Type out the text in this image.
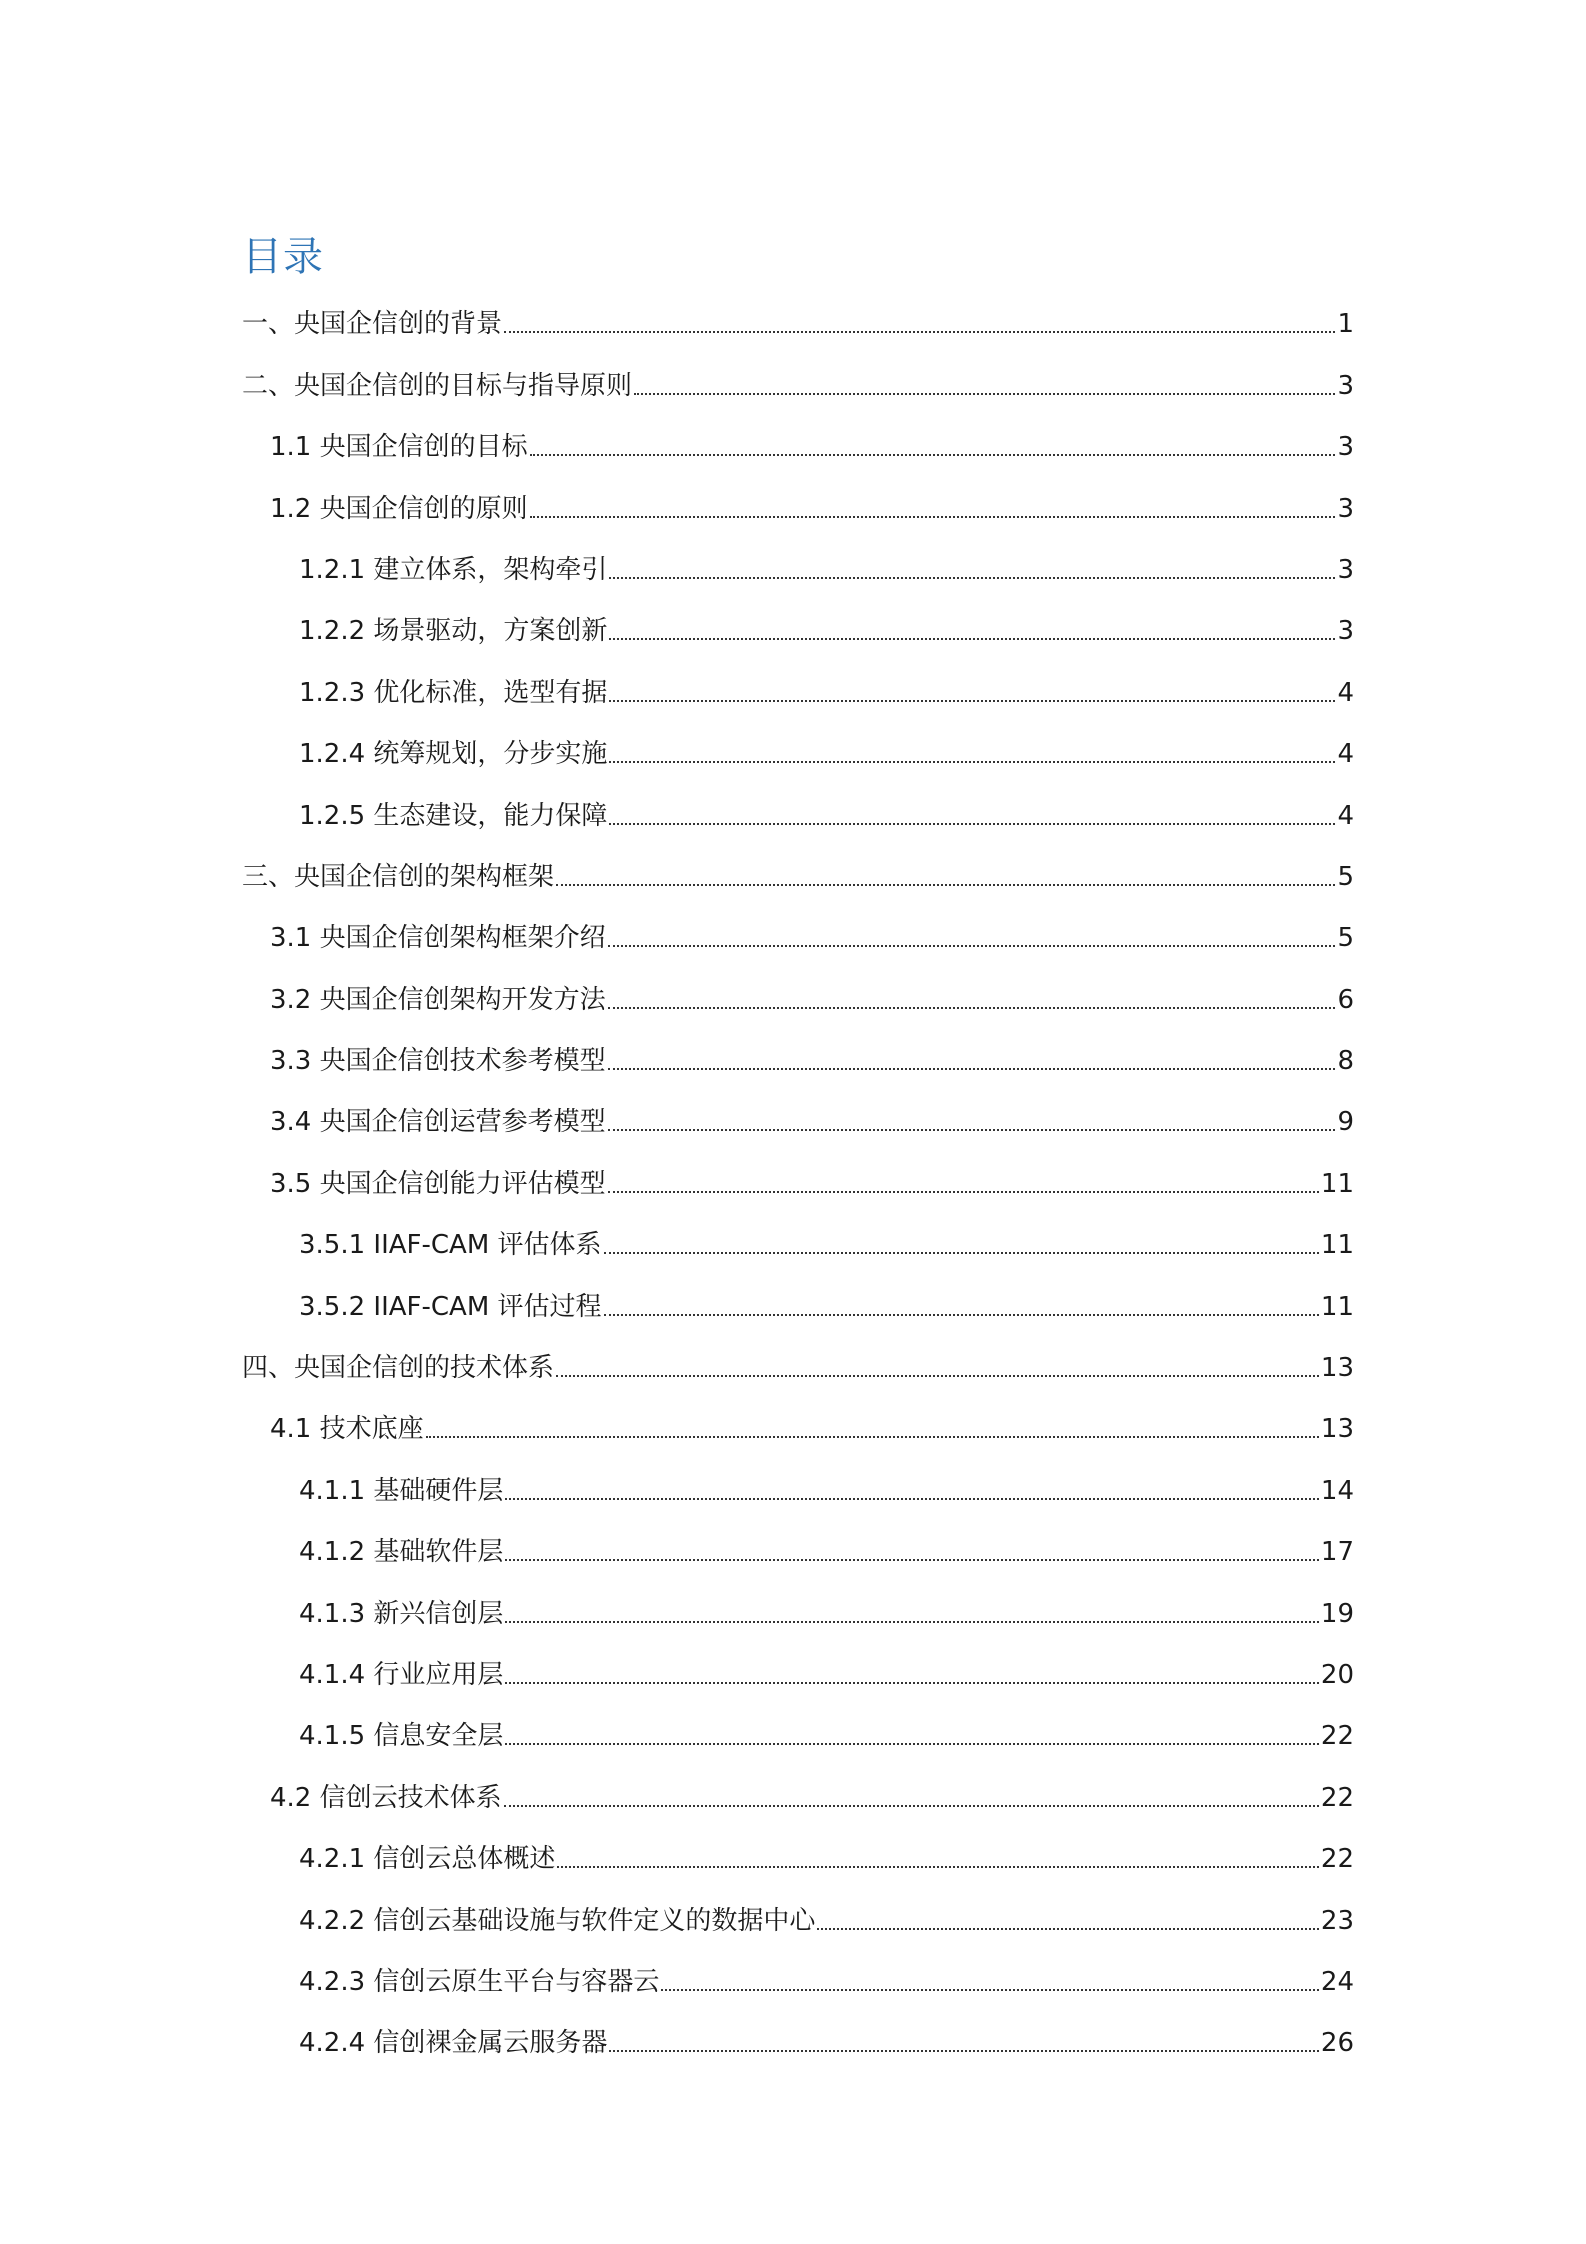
目录
一、央国企信创的背景	1
二、央国企信创的目标与指导原则	3
1.1 央国企信创的目标	3
1.2 央国企信创的原则	3
1.2.1 建立体系，架构牵引	3
1.2.2 场景驱动，方案创新	3
1.2.3 优化标准，选型有据	4
1.2.4 统筹规划，分步实施	4
1.2.5 生态建设，能力保障	4
三、央国企信创的架构框架	5
3.1 央国企信创架构框架介绍	5
3.2 央国企信创架构开发方法	6
3.3 央国企信创技术参考模型	8
3.4 央国企信创运营参考模型	9
3.5 央国企信创能力评估模型	11
3.5.1 IIAF-CAM 评估体系	11
3.5.2 IIAF-CAM 评估过程	11
四、央国企信创的技术体系	13
4.1 技术底座	13
4.1.1 基础硬件层	14
4.1.2 基础软件层	17
4.1.3 新兴信创层	19
4.1.4 行业应用层	20
4.1.5 信息安全层	22
4.2 信创云技术体系	22
4.2.1 信创云总体概述	22
4.2.2 信创云基础设施与软件定义的数据中心	23
4.2.3 信创云原生平台与容器云	24
4.2.4 信创裸金属云服务器	26
